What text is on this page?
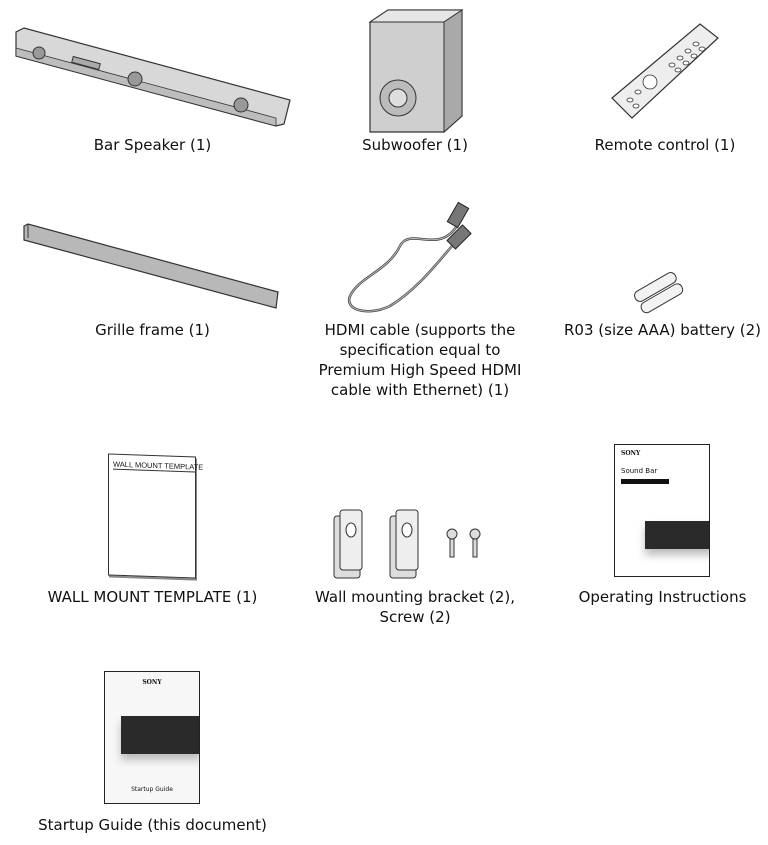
Bar Speaker (1)	Subwoofer (1)	Remote control (1)
Grille frame (1)	HDMI cable (supports the specification equal to Premium High Speed HDMI cable with Ethernet) (1)
R03 (size AAA) battery (2)
WALL MOUNT TEMPLATE
WALL MOUNT TEMPLATE (1)	Wall mounting bracket (2), Screw (2)
SONY
Sound Bar
Operating Instructions
SONY
Startup Guide
Startup Guide (this document)
